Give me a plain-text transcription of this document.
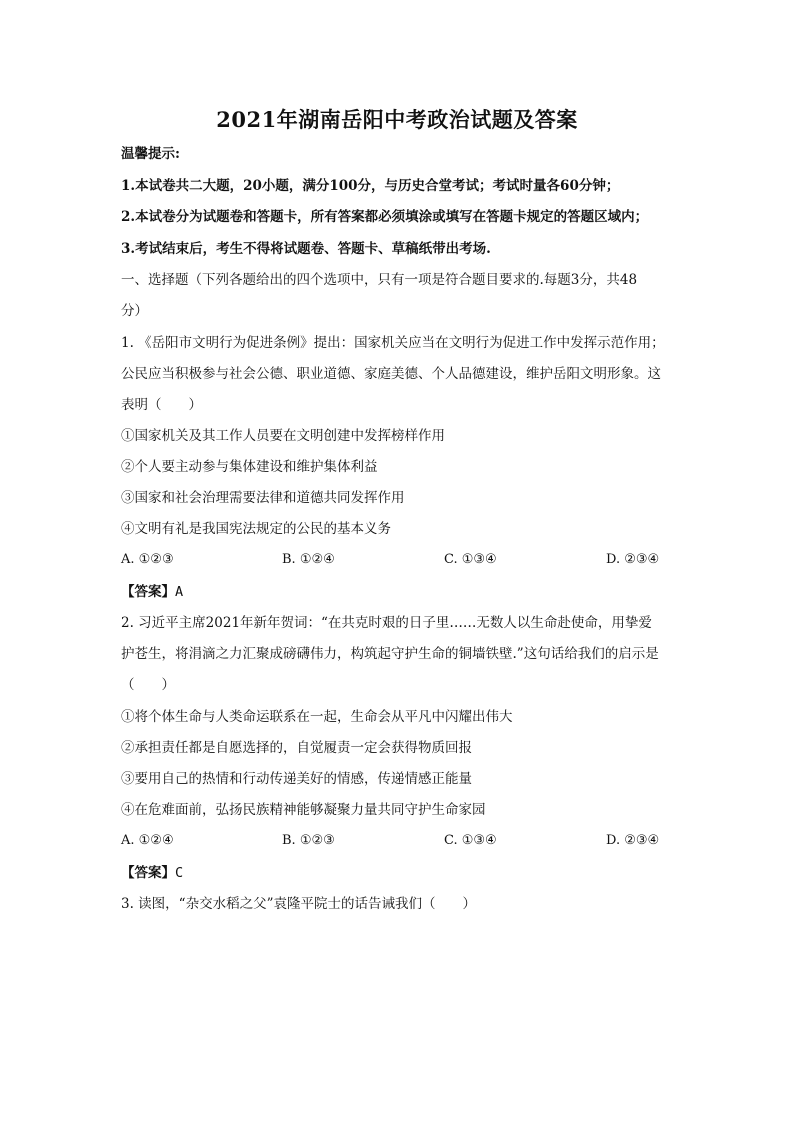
2021年湖南岳阳中考政治试题及答案
温馨提示:
1.本试卷共二大题，20小题，满分100分，与历史合堂考试；考试时量各60分钟；
2.本试卷分为试题卷和答题卡，所有答案都必须填涂或填写在答题卡规定的答题区域内；
3.考试结束后，考生不得将试题卷、答题卡、草稿纸带出考场.
一、选择题（下列各题给出的四个选项中，只有一项是符合题目要求的.每题3分，共48
分）
1. 《岳阳市文明行为促进条例》提出：国家机关应当在文明行为促进工作中发挥示范作用；
公民应当积极参与社会公德、职业道德、家庭美德、个人品德建设，维护岳阳文明形象。这
表明（　　）
①国家机关及其工作人员要在文明创建中发挥榜样作用
②个人要主动参与集体建设和维护集体利益
③国家和社会治理需要法律和道德共同发挥作用
④文明有礼是我国宪法规定的公民的基本义务
A. ①②③	B. ①②④	C. ①③④	D. ②③④
【答案】A
2. 习近平主席2021年新年贺词：“在共克时艰的日子里……无数人以生命赴使命，用挚爱
护苍生，将涓滴之力汇聚成磅礴伟力，构筑起守护生命的铜墙铁壁.”这句话给我们的启示是
（　　）
①将个体生命与人类命运联系在一起，生命会从平凡中闪耀出伟大
②承担责任都是自愿选择的，自觉履责一定会获得物质回报
③要用自己的热情和行动传递美好的情感，传递情感正能量
④在危难面前，弘扬民族精神能够凝聚力量共同守护生命家园
A. ①②④	B. ①②③	C. ①③④	D. ②③④
【答案】C
3. 读图，“杂交水稻之父”袁隆平院士的话告诫我们（　　）
